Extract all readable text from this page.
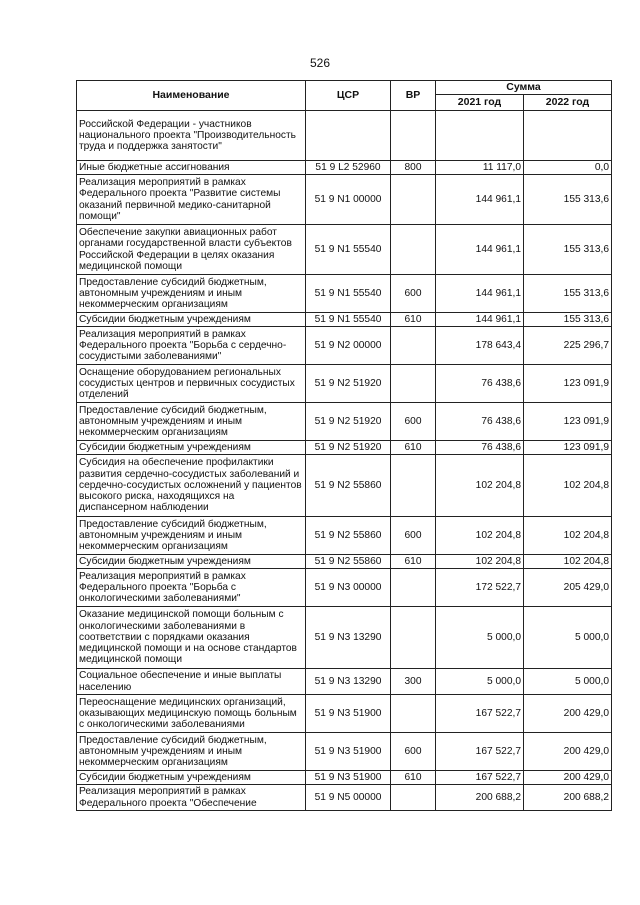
526
Наименование	ЦСР	ВР	Сумма	
			2021 год	2022 год
Российской Федерации - участников национального проекта "Производительность труда и поддержка занятости"				
Иные бюджетные ассигнования	51 9 L2 52960	800	11 117,0	0,0
Реализация мероприятий в рамках Федерального проекта "Развитие системы оказаний первичной медико-санитарной помощи"	51 9 N1 00000		144 961,1	155 313,6
Обеспечение закупки авиационных работ органами государственной власти субъектов Российской Федерации в целях оказания медицинской помощи	51 9 N1 55540		144 961,1	155 313,6
Предоставление субсидий бюджетным, автономным учреждениям и иным некоммерческим организациям	51 9 N1 55540	600	144 961,1	155 313,6
Субсидии бюджетным учреждениям	51 9 N1 55540	610	144 961,1	155 313,6
Реализация мероприятий в рамках Федерального проекта "Борьба с сердечно-сосудистыми заболеваниями"	51 9 N2 00000		178 643,4	225 296,7
Оснащение оборудованием региональных сосудистых центров и первичных сосудистых отделений	51 9 N2 51920		76 438,6	123 091,9
Предоставление субсидий бюджетным, автономным учреждениям и иным некоммерческим организациям	51 9 N2 51920	600	76 438,6	123 091,9
Субсидии бюджетным учреждениям	51 9 N2 51920	610	76 438,6	123 091,9
Субсидия на обеспечение профилактики развития сердечно-сосудистых заболеваний и сердечно-сосудистых осложнений у пациентов высокого риска, находящихся на диспансерном наблюдении	51 9 N2 55860		102 204,8	102 204,8
Предоставление субсидий бюджетным, автономным учреждениям и иным некоммерческим организациям	51 9 N2 55860	600	102 204,8	102 204,8
Субсидии бюджетным учреждениям	51 9 N2 55860	610	102 204,8	102 204,8
Реализация мероприятий в рамках Федерального проекта "Борьба с онкологическими заболеваниями"	51 9 N3 00000		172 522,7	205 429,0
Оказание медицинской помощи больным с онкологическими заболеваниями в соответствии с порядками оказания медицинской помощи и на основе стандартов медицинской помощи	51 9 N3 13290		5 000,0	5 000,0
Социальное обеспечение и иные выплаты населению	51 9 N3 13290	300	5 000,0	5 000,0
Переоснащение медицинских организаций, оказывающих медицинскую помощь больным с онкологическими заболеваниями	51 9 N3 51900		167 522,7	200 429,0
Предоставление субсидий бюджетным, автономным учреждениям и иным некоммерческим организациям	51 9 N3 51900	600	167 522,7	200 429,0
Субсидии бюджетным учреждениям	51 9 N3 51900	610	167 522,7	200 429,0
Реализация мероприятий в рамках Федерального проекта "Обеспечение	51 9 N5 00000		200 688,2	200 688,2
